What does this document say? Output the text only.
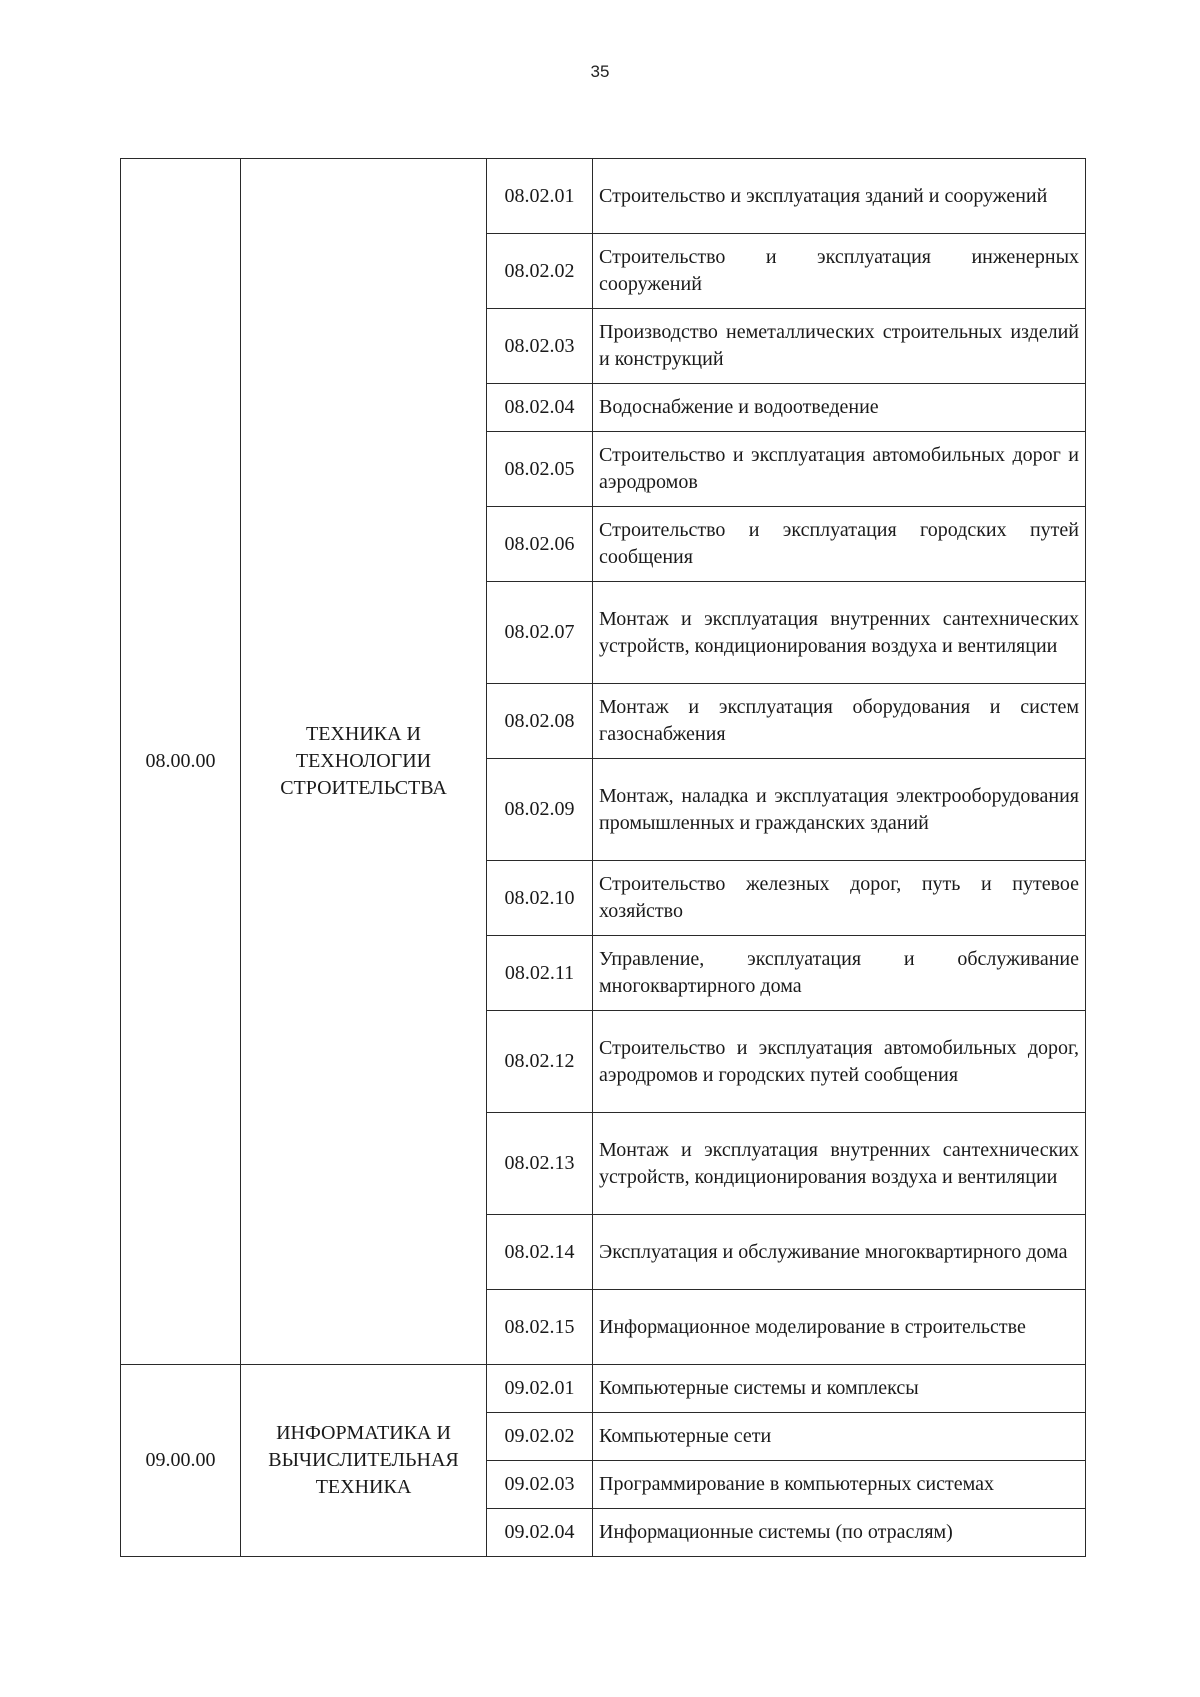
35
08.00.00	ТЕХНИКА И
ТЕХНОЛОГИИ
СТРОИТЕЛЬСТВА	08.02.01	Строительство и эксплуатация зданий и сооружений
		08.02.02	Строительство и эксплуатация инженерных сооружений
		08.02.03	Производство неметаллических строительных изделий и конструкций
		08.02.04	Водоснабжение и водоотведение
		08.02.05	Строительство и эксплуатация автомобильных дорог и аэродромов
		08.02.06	Строительство и эксплуатация городских путей сообщения
		08.02.07	Монтаж и эксплуатация внутренних сантехнических устройств, кондиционирования воздуха и вентиляции
		08.02.08	Монтаж и эксплуатация оборудования и систем газоснабжения
		08.02.09	Монтаж, наладка и эксплуатация электрооборудования промышленных и гражданских зданий
		08.02.10	Строительство железных дорог, путь и путевое хозяйство
		08.02.11	Управление, эксплуатация и обслуживание многоквартирного дома
		08.02.12	Строительство и эксплуатация автомобильных дорог, аэродромов и городских путей сообщения
		08.02.13	Монтаж и эксплуатация внутренних сантехнических устройств, кондиционирования воздуха и вентиляции
		08.02.14	Эксплуатация и обслуживание многоквартирного дома
		08.02.15	Информационное моделирование в строительстве
09.00.00	ИНФОРМАТИКА И
ВЫЧИСЛИТЕЛЬНАЯ
ТЕХНИКА	09.02.01	Компьютерные системы и комплексы
		09.02.02	Компьютерные сети
		09.02.03	Программирование в компьютерных системах
		09.02.04	Информационные системы (по отраслям)
